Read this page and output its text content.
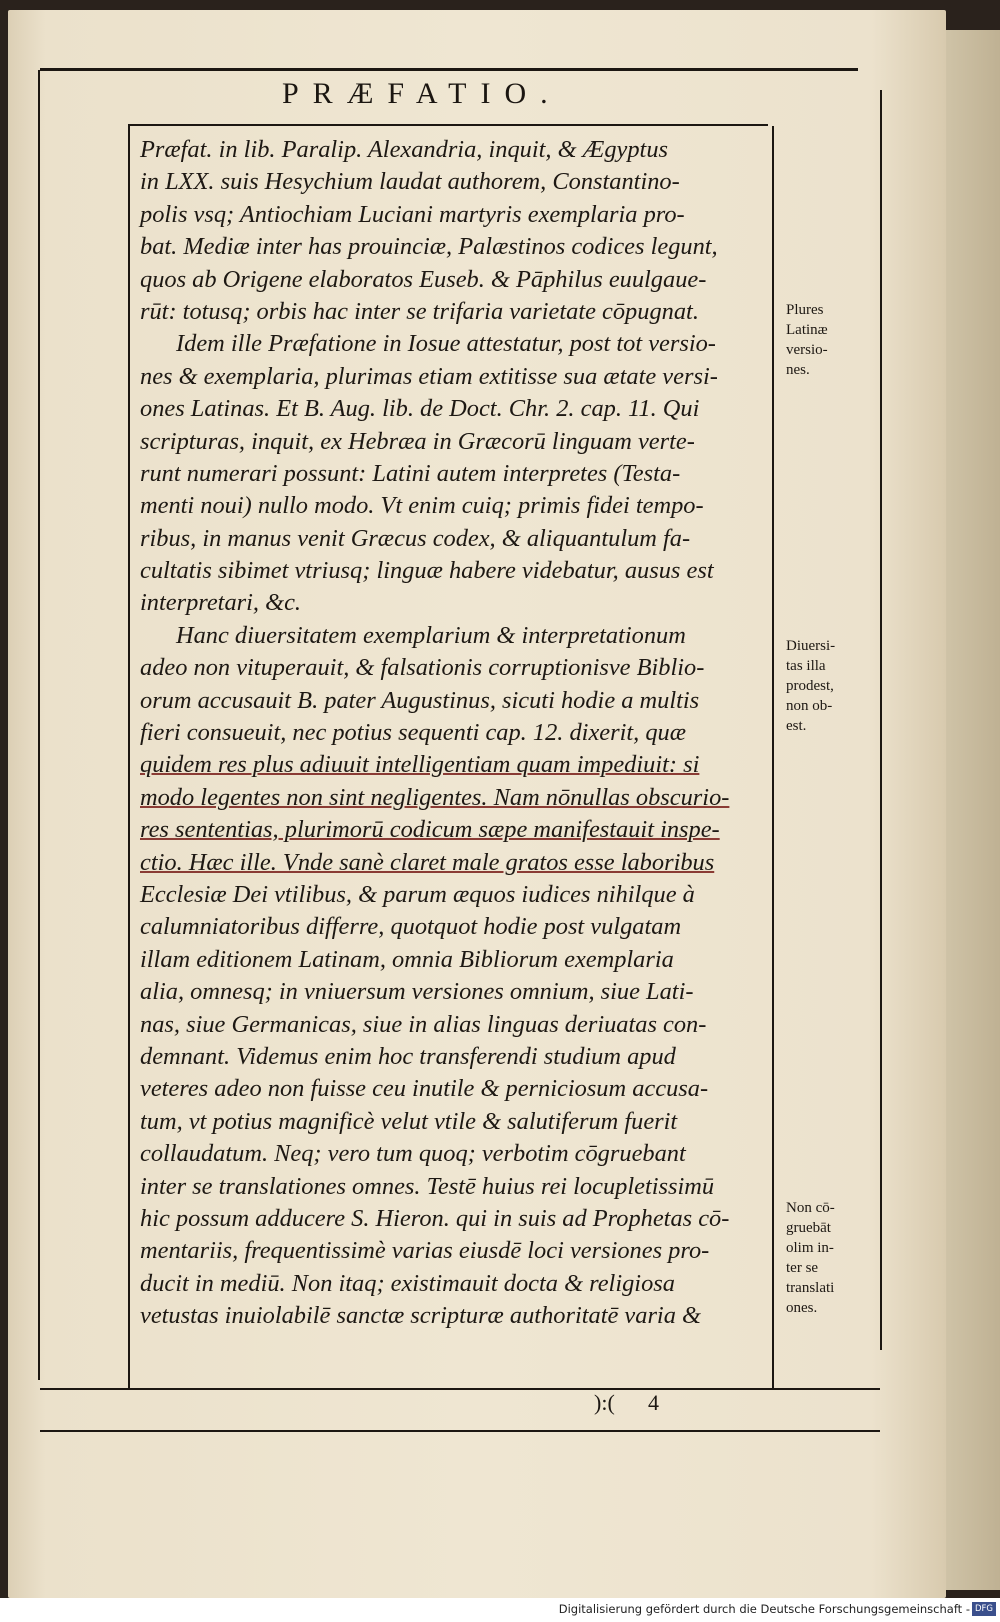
PRÆFATIO.
Præfat. in lib. Paralip. Alexandria, inquit, & Ægyptus
in LXX. suis Hesychium laudat authorem, Constantino-
polis vsq; Antiochiam Luciani martyris exemplaria pro-
bat. Mediæ inter has prouinciæ, Palæstinos codices legunt,
quos ab Origene elaboratos Euseb. & Pāphilus euulgaue-
rūt: totusq; orbis hac inter se trifaria varietate cōpugnat.
Idem ille Præfatione in Iosue attestatur, post tot versio-
nes & exemplaria, plurimas etiam extitisse sua ætate versi-
ones Latinas. Et B. Aug. lib. de Doct. Chr. 2. cap. 11. Qui
scripturas, inquit, ex Hebræa in Græcorū linguam verte-
runt numerari possunt: Latini autem interpretes (Testa-
menti noui) nullo modo. Vt enim cuiq; primis fidei tempo-
ribus, in manus venit Græcus codex, & aliquantulum fa-
cultatis sibimet vtriusq; linguæ habere videbatur, ausus est
interpretari, &c.
Hanc diuersitatem exemplarium & interpretationum
adeo non vituperauit, & falsationis corruptionisve Biblio-
orum accusauit B. pater Augustinus, sicuti hodie a multis
fieri consueuit, nec potius sequenti cap. 12. dixerit, quæ
quidem res plus adiuuit intelligentiam quam impediuit: si
modo legentes non sint negligentes. Nam nōnullas obscurio-
res sententias, plurimorū codicum sæpe manifestauit inspe-
ctio. Hæc ille. Vnde sanè claret male gratos esse laboribus
Ecclesiæ Dei vtilibus, & parum æquos iudices nihilque à
calumniatoribus differre, quotquot hodie post vulgatam
illam editionem Latinam, omnia Bibliorum exemplaria
alia, omnesq; in vniuersum versiones omnium, siue Lati-
nas, siue Germanicas, siue in alias linguas deriuatas con-
demnant. Videmus enim hoc transferendi studium apud
veteres adeo non fuisse ceu inutile & perniciosum accusa-
tum, vt potius magnificè velut vtile & salutiferum fuerit
collaudatum. Neq; vero tum quoq; verbotim cōgruebant
inter se translationes omnes. Testē huius rei locupletissimū
hic possum adducere S. Hieron. qui in suis ad Prophetas cō-
mentariis, frequentissimè varias eiusdē loci versiones pro-
ducit in mediū. Non itaq; existimauit docta & religiosa
vetustas inuiolabilē sanctæ scripturæ authoritatē varia &
Plures
Latinæ
versio-
nes.
Diuersi-
tas illa
prodest,
non ob-
est.
Non cō-
gruebāt
olim in-
ter se
translati
ones.
):( 4
Digitalisierung gefördert durch die Deutsche Forschungsgemeinschaft - DFG
